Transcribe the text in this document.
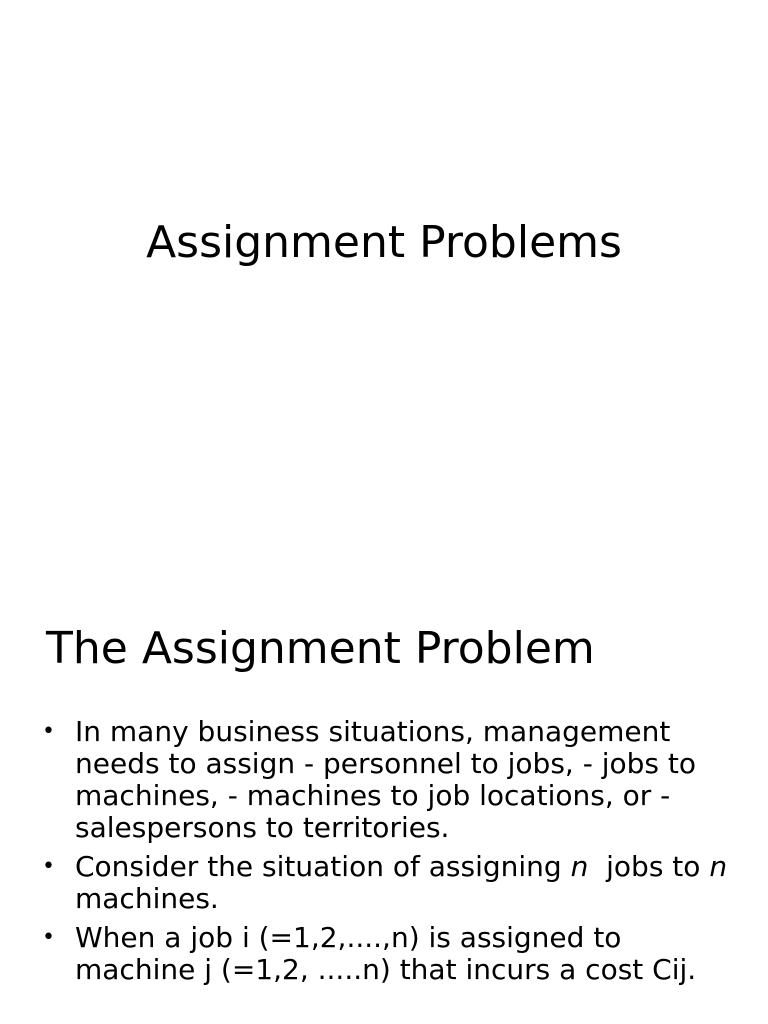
Assignment Problems
The Assignment Problem
• In many business situations, management needs to assign - personnel to jobs, - jobs to machines, - machines to job locations, or - salespersons to territories.
• Consider the situation of assigning n  jobs to n  machines.
• When a job i (=1,2,....,n) is assigned to machine j (=1,2, .....n) that incurs a cost Cij.
